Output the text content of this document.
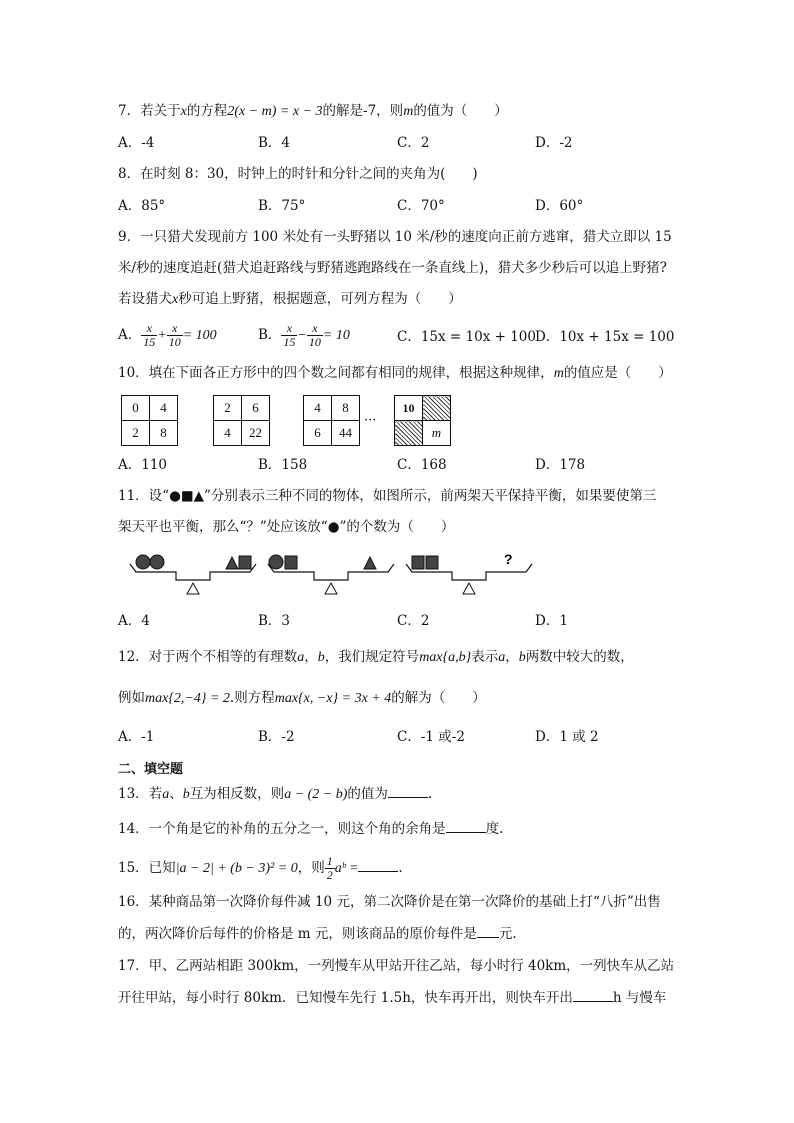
7．若关于x的方程2(x − m) = x − 3的解是-7，则m的值为（　　）
A．-4	B．4	C．2	D．-2
8．在时刻 8：30，时钟上的时针和分针之间的夹角为(　　)
A．85°	B．75°	C．70°	D．60°
9．一只猎犬发现前方 100 米处有一头野猪以 10 米/秒的速度向正前方逃窜，猎犬立即以 15
米/秒的速度追赶(猎犬追赶路线与野猪逃跑路线在一条直线上)，猎犬多少秒后可以追上野猪?
若设猎犬x秒可追上野猪，根据题意，可列方程为（　　）
A． $\frac{x}{15} + \frac{x}{10} = 100$	B． $\frac{x}{15} - \frac{x}{10} = 10$	C．15x = 10x + 100 D．10x + 15x = 100
10．填在下面各正方形中的四个数之间都有相同的规律，根据这种规律，m的值应是（　　）
0	4
2	8
2	6
4	22
4	8
6	44
···
10	
	m
A．110	B．158	C．168	D．178
11．设“●■▲”分别表示三种不同的物体，如图所示，前两架天平保持平衡，如果要使第三
架天平也平衡，那么“？”处应该放“●”的个数为（　　）
?
A．4	B．3	C．2	D．1
12．对于两个不相等的有理数a，b，我们规定符号max{a,b}表示a，b两数中较大的数，
例如max{2,−4} = 2.则方程max{x, −x} = 3x + 4的解为（　　）
A．-1	B．-2	C．-1 或-2	D．1 或 2
二、填空题
13．若a、b互为相反数，则a − (2 − b)的值为	.
14．一个角是它的补角的五分之一，则这个角的余角是	度.
15．已知|a − 2| + (b − 3)² = 0，则 $\frac{1}{2}$ aᵇ =	.
16．某种商品第一次降价每件减 10 元，第二次降价是在第一次降价的基础上打“八折”出售
的，两次降价后每件的价格是 m 元，则该商品的原价每件是 元.
17．甲、乙两站相距 300km，一列慢车从甲站开往乙站，每小时行 40km，一列快车从乙站
开往甲站，每小时行 80km．已知慢车先行 1.5h，快车再开出，则快车开出	h 与慢车
